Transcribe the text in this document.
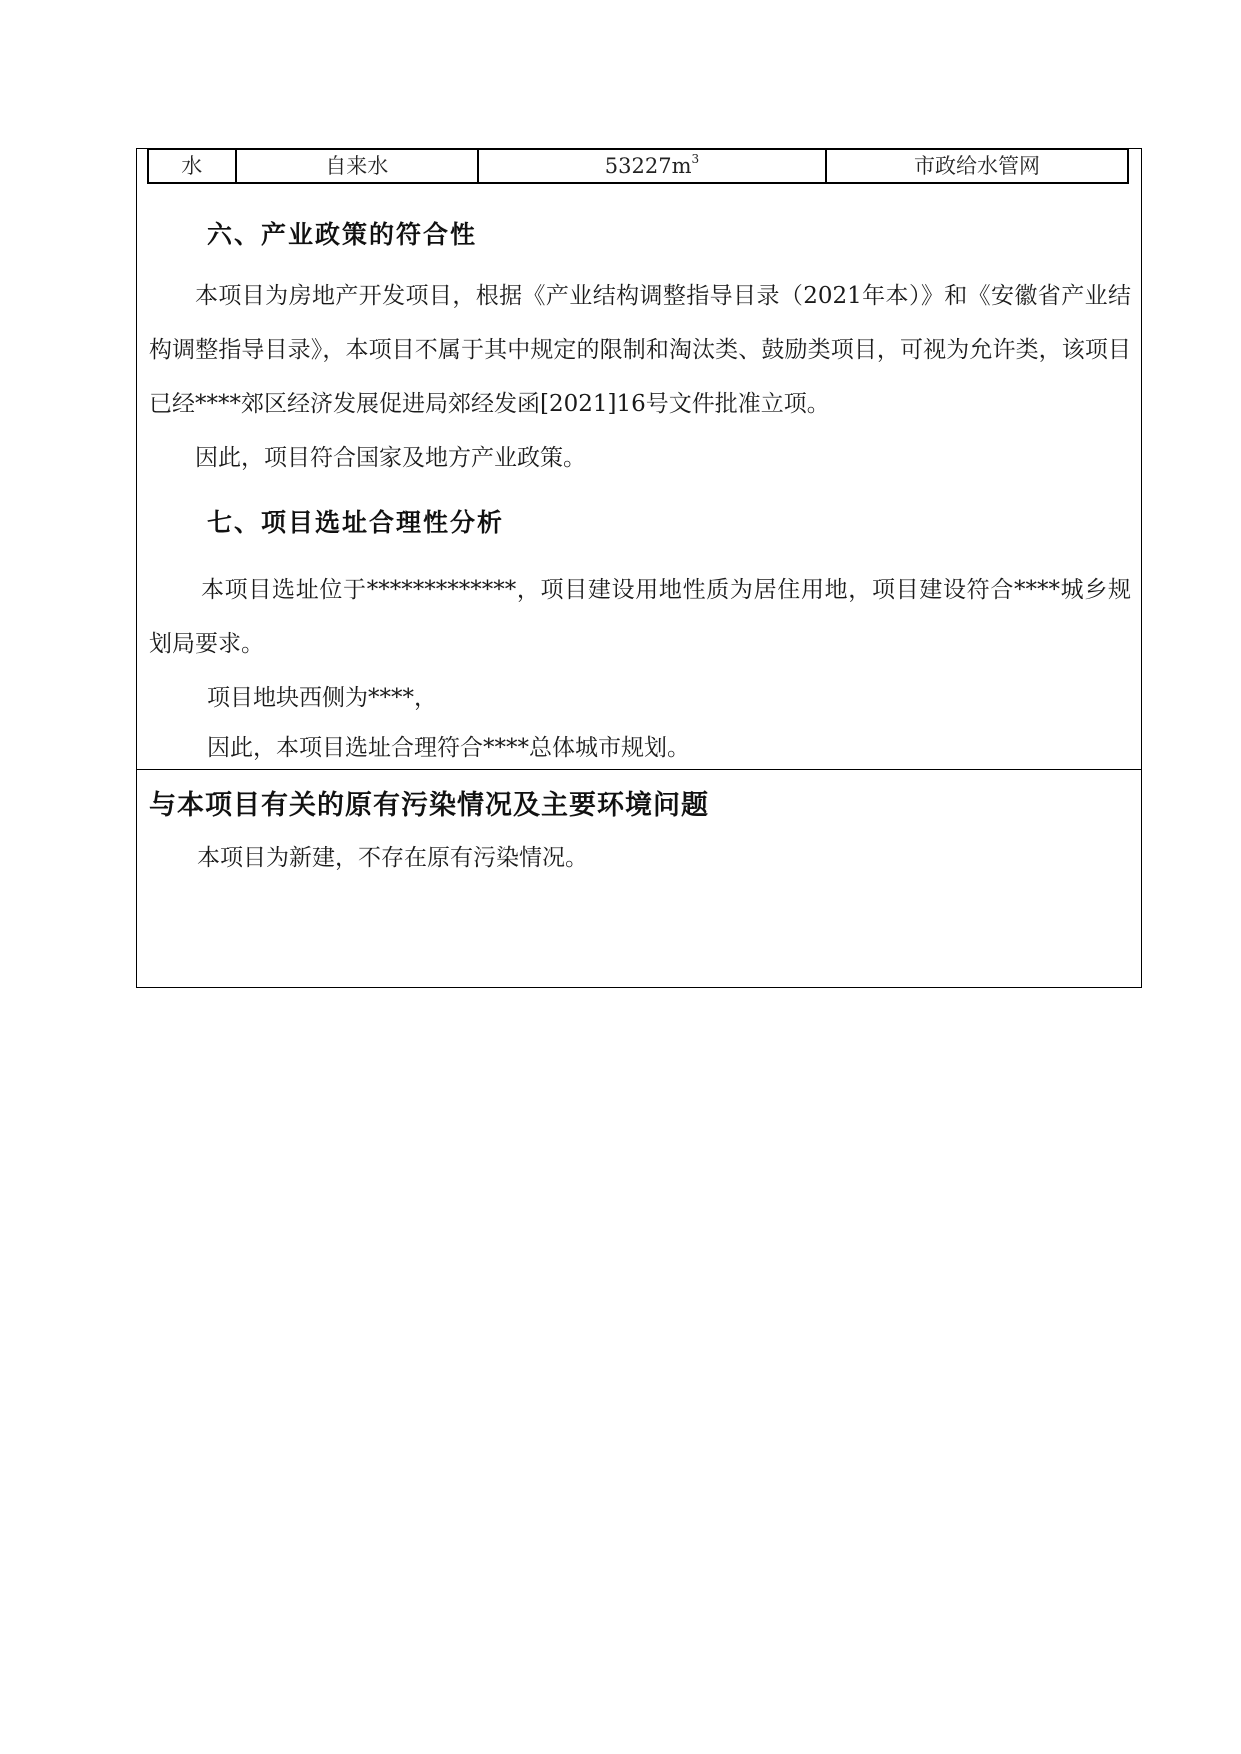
水	自来水	$53227m^3$	市政给水管网
六、产业政策的符合性
本项目为房地产开发项目，根据《产业结构调整指导目录（2021年本）》和《安徽省产业结构调整指导目录》，本项目不属于其中规定的限制和淘汰类、鼓励类项目，可视为允许类，该项目已经****郊区经济发展促进局郊经发函[2021]16号文件批准立项。
因此，项目符合国家及地方产业政策。
七、项目选址合理性分析
本项目选址位于*************，项目建设用地性质为居住用地，项目建设符合****城乡规划局要求。
项目地块西侧为****，
因此，本项目选址合理符合****总体城市规划。
与本项目有关的原有污染情况及主要环境问题
本项目为新建，不存在原有污染情况。
